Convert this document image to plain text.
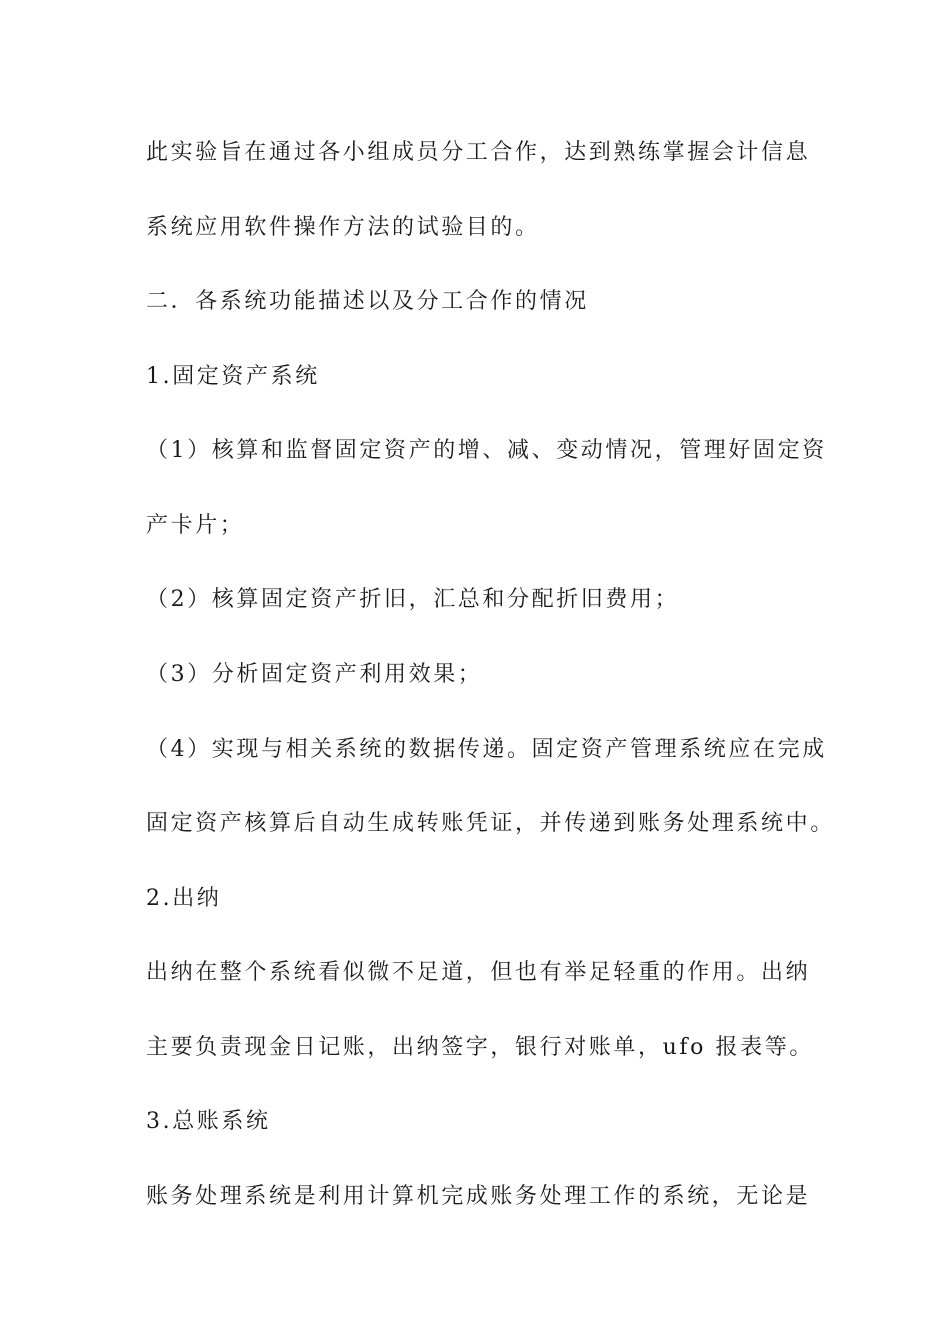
此实验旨在通过各小组成员分工合作，达到熟练掌握会计信息
系统应用软件操作方法的试验目的。
二．各系统功能描述以及分工合作的情况
1.固定资产系统
（1）核算和监督固定资产的增、减、变动情况，管理好固定资
产卡片；
（2）核算固定资产折旧，汇总和分配折旧费用；
（3）分析固定资产利用效果；
（4）实现与相关系统的数据传递。固定资产管理系统应在完成
固定资产核算后自动生成转账凭证，并传递到账务处理系统中。
2.出纳
出纳在整个系统看似微不足道，但也有举足轻重的作用。出纳
主要负责现金日记账，出纳签字，银行对账单，ufo 报表等。
3.总账系统
账务处理系统是利用计算机完成账务处理工作的系统，无论是
